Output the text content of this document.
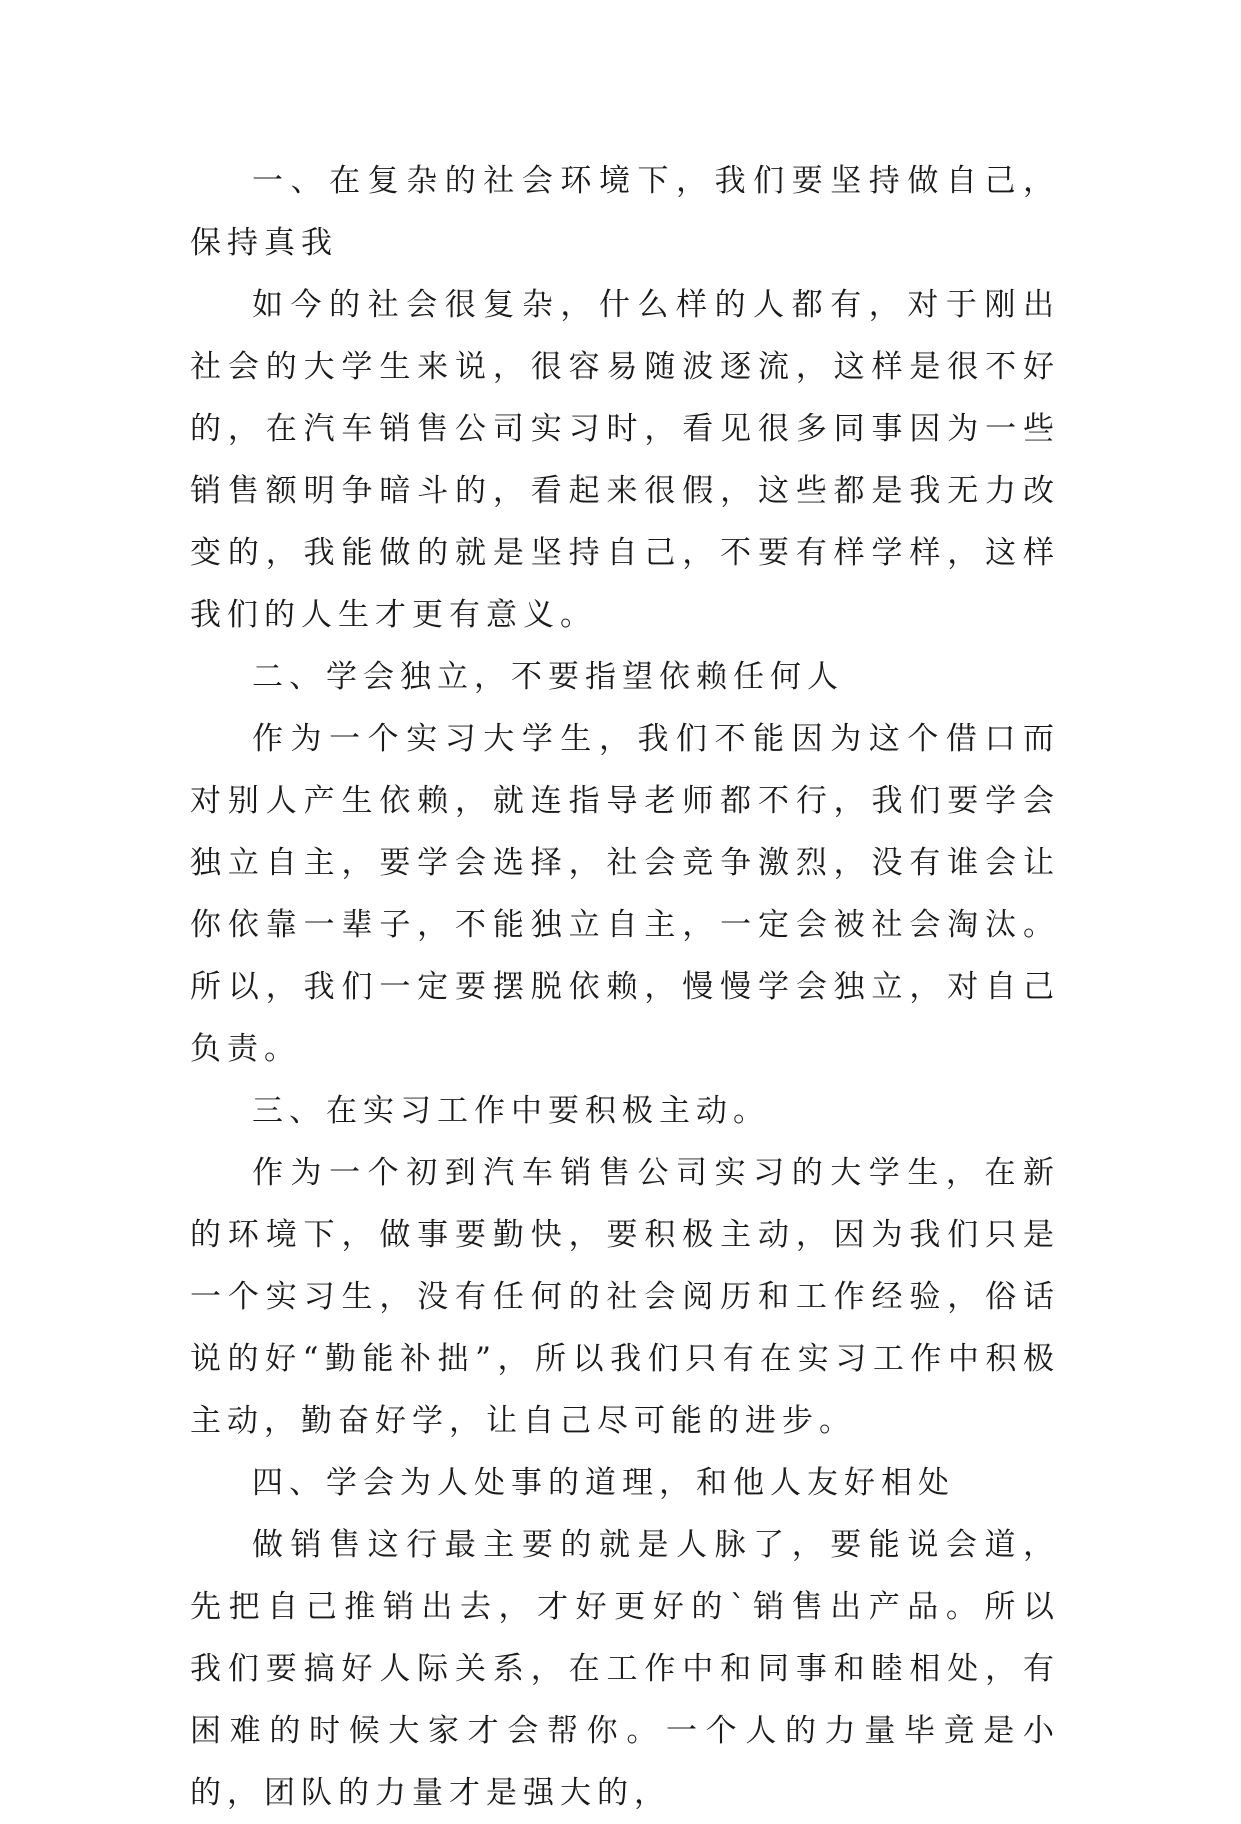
一、在复杂的社会环境下，我们要坚持做自己，保持真我

如今的社会很复杂，什么样的人都有，对于刚出社会的大学生来说，很容易随波逐流，这样是很不好的，在汽车销售公司实习时，看见很多同事因为一些销售额明争暗斗的，看起来很假，这些都是我无力改变的，我能做的就是坚持自己，不要有样学样，这样我们的人生才更有意义。

二、学会独立，不要指望依赖任何人

作为一个实习大学生，我们不能因为这个借口而对别人产生依赖，就连指导老师都不行，我们要学会独立自主，要学会选择，社会竞争激烈，没有谁会让你依靠一辈子，不能独立自主，一定会被社会淘汰。所以，我们一定要摆脱依赖，慢慢学会独立，对自己负责。

三、在实习工作中要积极主动。

作为一个初到汽车销售公司实习的大学生，在新的环境下，做事要勤快，要积极主动，因为我们只是一个实习生，没有任何的社会阅历和工作经验，俗话说的好“勤能补拙”，所以我们只有在实习工作中积极主动，勤奋好学，让自己尽可能的进步。

四、学会为人处事的道理，和他人友好相处

做销售这行最主要的就是人脉了，要能说会道，先把自己推销出去，才好更好的`销售出产品。所以我们要搞好人际关系，在工作中和同事和睦相处，有困难的时候大家才会帮你。一个人的力量毕竟是小的，团队的力量才是强大的，
